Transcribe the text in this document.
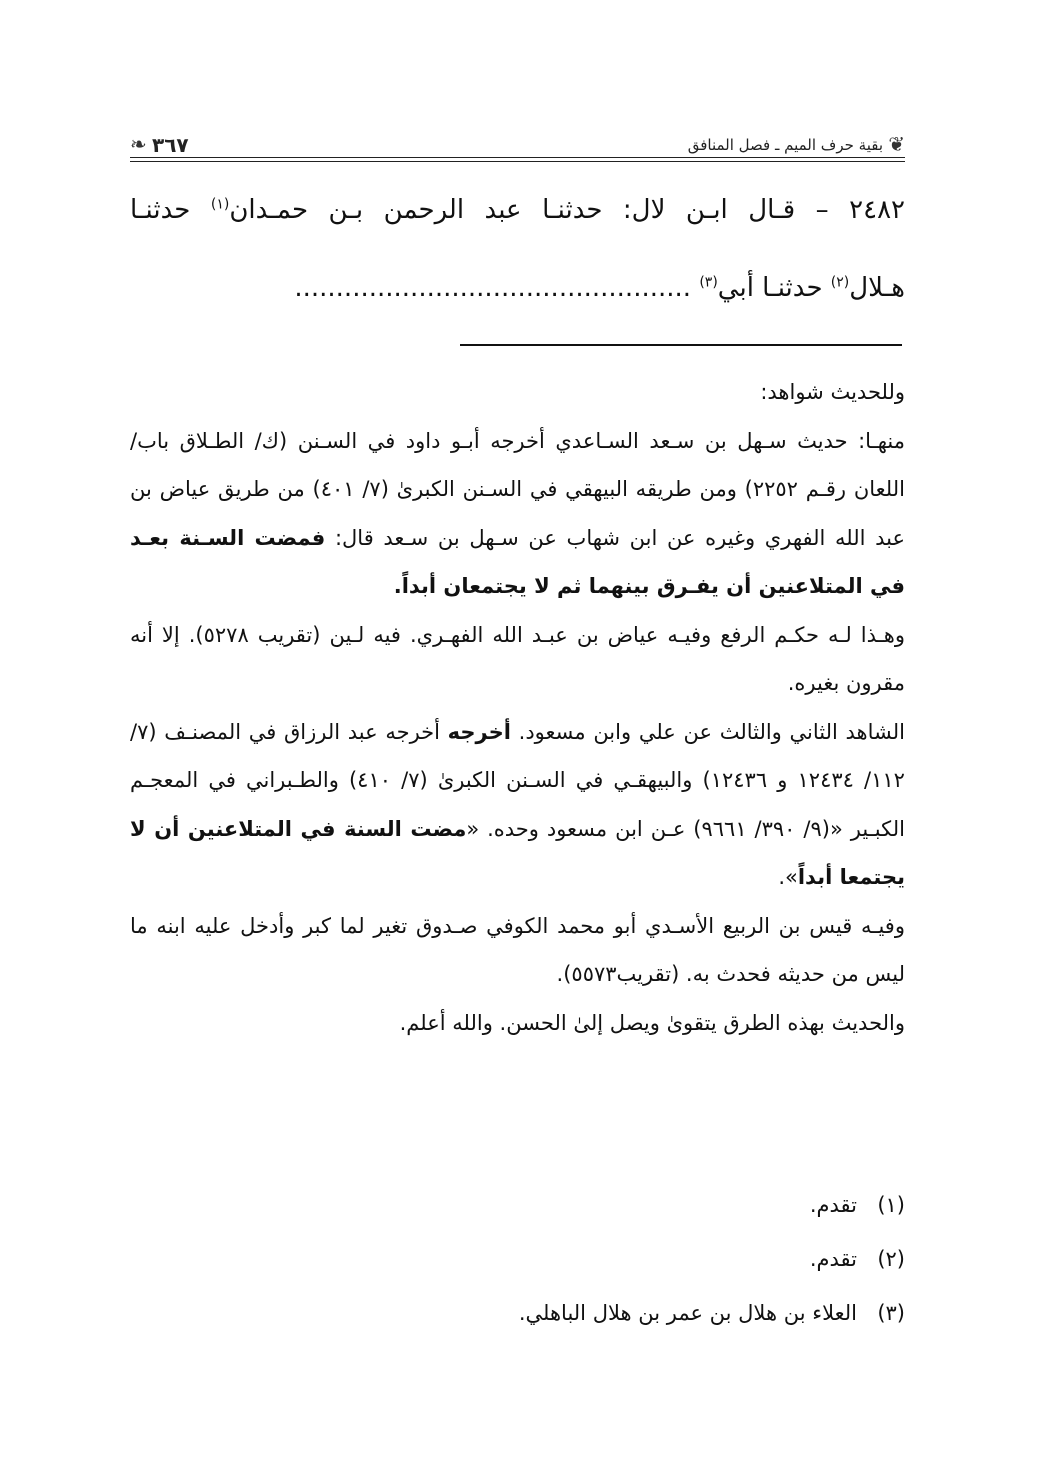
❦
بقية حرف الميم ـ فصل المنافق
٣٦٧
❧
٢٤٨٢ – قـال ابـن لال: حدثنـا عبد الرحمن بـن حمـدان$^{(١)}$ حدثنـا
هـلال$^{(٢)}$ حدثنـا أبي$^{(٣)}$ ................................................

وللحديث شواهد:

منهـا: حديث سـهل بن سـعد السـاعدي أخرجه أبـو داود في السـنن (ك/ الطـلاق باب/ اللعان رقـم ٢٢٥٢) ومن طريقه البيهقي في السـنن الكبرىٰ (٧/ ٤٠١) من طريق عياض بن عبد الله الفهري وغيره عن ابن شهاب عن سـهل بن سـعد قال: فمضت السـنة بعـد في المتلاعنين أن يفـرق بينهما ثم لا يجتمعان أبداً.

وهـذا لـه حكـم الرفع وفيـه عياض بن عبـد الله الفهـري. فيه لـين (تقريب ٥٢٧٨). إلا أنه مقرون بغيره.

الشاهد الثاني والثالث عن علي وابن مسعود. أخرجه أخرجه عبد الرزاق في المصنـف (٧/ ١١٢/ ١٢٤٣٤ و ١٢٤٣٦) والبيهقـي في السـنن الكبرىٰ (٧/ ٤١٠) والطـبراني في المعجـم الكبـير «(٩/ ٣٩٠/ ٩٦٦١) عـن ابن مسعود وحده. «مضت السنة في المتلاعنين أن لا يجتمعا أبداً».

وفيـه قيس بن الربيع الأسـدي أبو محمد الكوفي صـدوق تغير لما كبر وأدخل عليه ابنه ما ليس من حديثه فحدث به. (تقريب٥٥٧٣).

والحديث بهذه الطرق يتقوىٰ ويصل إلىٰ الحسن. والله أعلم.

(١)
تقدم.
(٢)
تقدم.
(٣)
العلاء بن هلال بن عمر بن هلال الباهلي.
